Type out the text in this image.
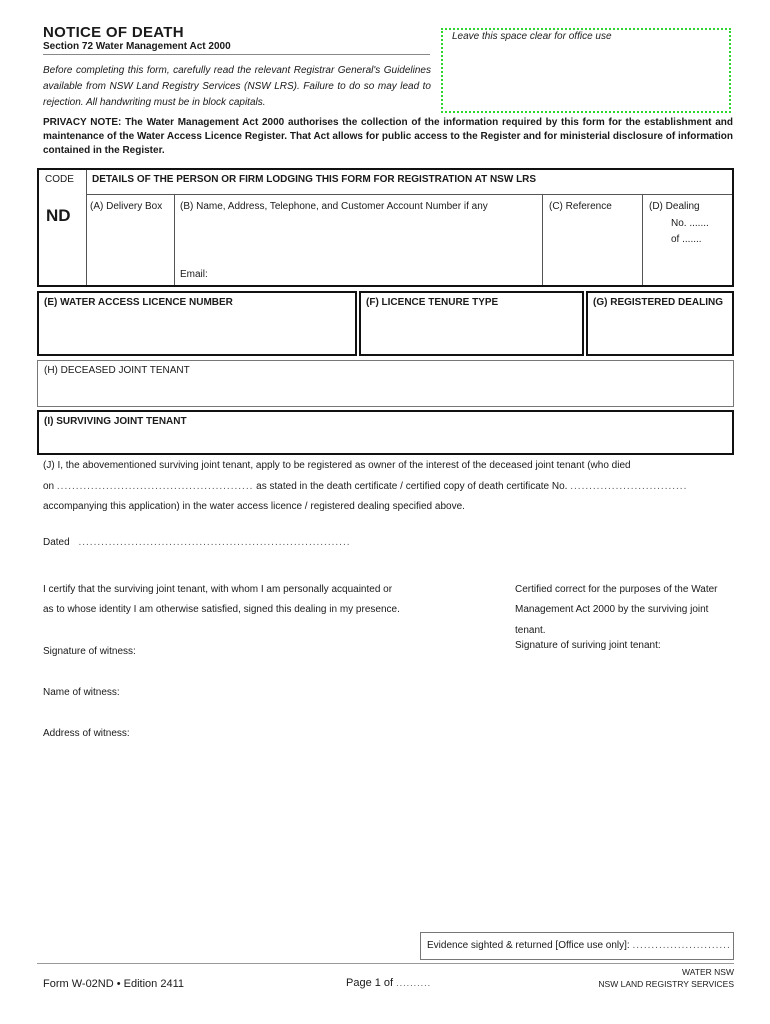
NOTICE OF DEATH
Section 72 Water Management Act 2000
Before completing this form, carefully read the relevant Registrar General's Guidelines available from NSW Land Registry Services (NSW LRS). Failure to do so may lead to rejection. All handwriting must be in block capitals.
Leave this space clear for office use
PRIVACY NOTE: The Water Management Act 2000 authorises the collection of the information required by this form for the establishment and maintenance of the Water Access Licence Register. That Act allows for public access to the Register and for ministerial disclosure of information contained in the Register.
CODE
ND
DETAILS OF THE PERSON OR FIRM LODGING THIS FORM FOR REGISTRATION AT NSW LRS
(A) Delivery Box (B) Name, Address, Telephone, and Customer Account Number if any
Email:
(C) Reference	(D) Dealing
No. .......
of .......
(E) WATER ACCESS LICENCE NUMBER	(F) LICENCE TENURE TYPE	(G) REGISTERED DEALING
(H) DECEASED JOINT TENANT
(I) SURVIVING JOINT TENANT
(J) I, the abovementioned surviving joint tenant, apply to be registered as owner of the interest of the deceased joint tenant (who died
on .................................................... as stated in the death certificate / certified copy of death certificate No. ...............................
accompanying this application) in the water access licence / registered dealing specified above.
Dated ........................................................................
I certify that the surviving joint tenant, with whom I am personally acquainted or
as to whose identity I am otherwise satisfied, signed this dealing in my presence.
Signature of witness:
Name of witness:
Address of witness:
Certified correct for the purposes of the Water
Management Act 2000 by the surviving joint
tenant.
Signature of suriving joint tenant:
Evidence sighted & returned [Office use only]: ..........................
Form W-02ND • Edition 2411	Page 1 of ..........
WATER NSW
NSW LAND REGISTRY SERVICES
